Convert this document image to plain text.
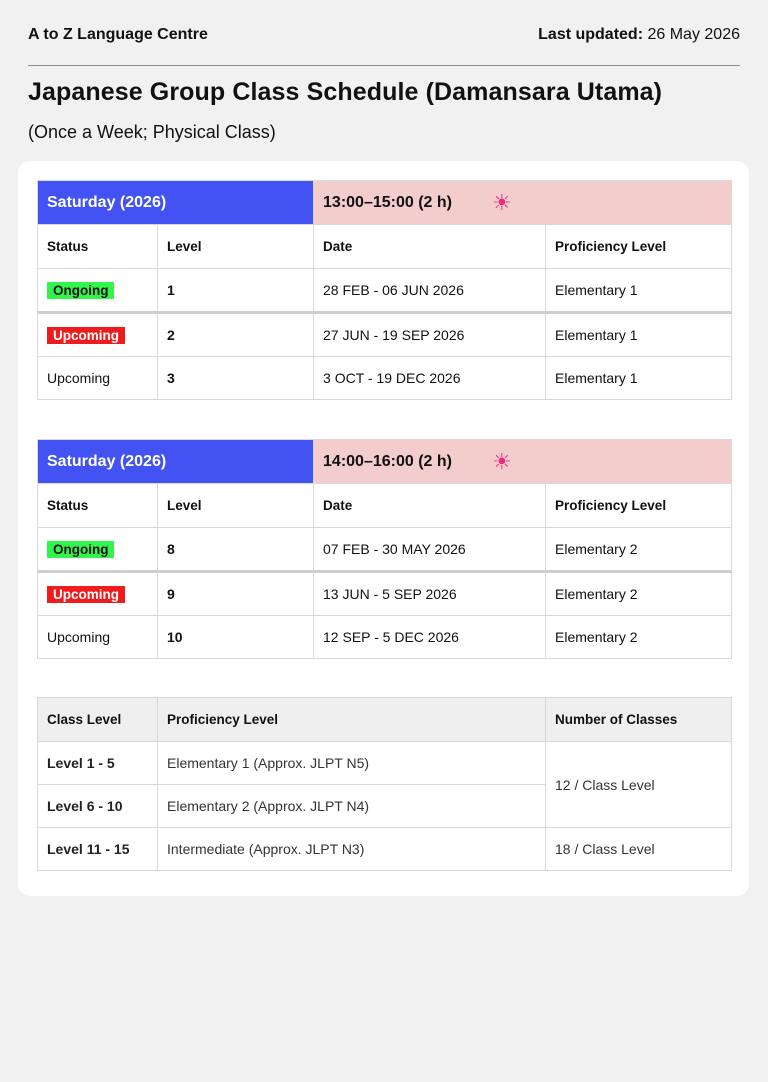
A to Z Language Centre	Last updated: 26 May 2026
Japanese Group Class Schedule (Damansara Utama)
(Once a Week; Physical Class)
Saturday (2026)		13:00–15:00 (2 h) ☀	
Status	Level	Date	Proficiency Level
Ongoing	1	28 FEB - 06 JUN 2026	Elementary 1
Upcoming	2	27 JUN - 19 SEP 2026	Elementary 1
Upcoming	3	3 OCT - 19 DEC 2026	Elementary 1
Saturday (2026)		14:00–16:00 (2 h) ☀	
Status	Level	Date	Proficiency Level
Ongoing	8	07 FEB - 30 MAY 2026	Elementary 2
Upcoming	9	13 JUN - 5 SEP 2026	Elementary 2
Upcoming	10	12 SEP - 5 DEC 2026	Elementary 2
Class Level	Proficiency Level	Number of Classes
Level 1 - 5	Elementary 1 (Approx. JLPT N5)	12 / Class Level
Level 6 - 10	Elementary 2 (Approx. JLPT N4)	
Level 11 - 15	Intermediate (Approx. JLPT N3)	18 / Class Level
